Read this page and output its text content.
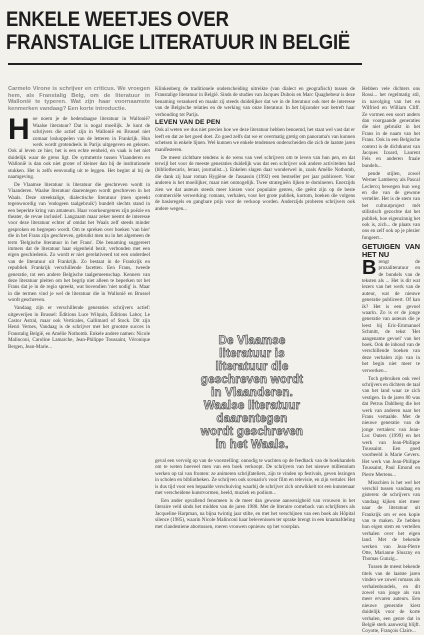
ENKELE WEETJES OVER
FRANSTALIGE LITERATUUR IN BELGIË

Carmelo Virone is schrijver en criticus. We vroegen hem, als Franstalig Belg, om de literatuur in Wallonië te typeren. Wat zijn haar voornaamste kenmerken vandaag? Een korte introductie.

H oe noem je de hedendaagse literatuur in Wallonië? Waalse literatuur? Dat is nogal moeilijk. Je kunt de schrijvers die actief zijn in Wallonië en Brussel niet zomaar loskoppelen van de letteren in Frankrijk. Hun werk wordt grotendeels in Parijs uitgegeven en gelezen. Ook al leven ze hier, het is een echte eenheid, en vaak is het niet duidelijk waar de grens ligt. De symmetrie tussen Vlaanderen en Wallonië is dan ook niet groter of kleiner dan bij de institutionele stukken. Het is zelfs eenvoudig uit te leggen. Het begint al bij de naamgeving.

De Vlaamse literatuur is literatuur die geschreven wordt in Vlaanderen. Waalse literatuur daarentegen wordt geschreven in het Waals. Deze streektalige, dialectische literatuur (men spreekt tegenwoordig van 'endogeen taalgebruik') bundelt slechts stand in een beperkte kring van amateurs. Haar voorkeurgenres zijn poëzie en theater, de revue inclusief. Langzaam maar zeker neemt de interesse voor deze literatuur echter af omdat het Waals zelf steeds minder gesproken en begrepen wordt. Om te spreken over boeken 'van hier' die in het Frans zijn geschreven, gebruikt men nu in het algemeen de term 'Belgische literatuur in het Frans'. Die benaming suggereert immers dat de literatuur haar eigenheid bezit, verbonden met een eigen geschiedenis. Zo wordt er niet gerelativeerd tot een onderdeel van de literatuur uit Frankrijk. Zo bestaat in de Frankrijk en republiek Frankrijk verschillende facetten. Een Frans, tweede generatie, tot een andere Belgische taalgemeenschap. Kenners van deze literatuur pleiten om het begrip niet alleen te beperken tot het Frans dat je in de regio spreekt, wat bovendien 'niet nodig' is. Maar in die termen vind je wel de literatuur die in Wallonië en Brussel wordt geschreven.

Vandaag zijn er verschillende generaties schrijvers actief: uitgeverijen in Brussel: Éditions Luce Wilquin, Éditions Labor, Le Castor Astral, maar ook Verticales, Gallimard of Stock. Dit zijn Henri Vernes, Vandaag is de schrijver met het grootste succes in Franstalig België, en Amélie Nothomb. Enkele andere namen: Nicole Malinconi, Caroline Lamarche, Jean-Philippe Toussaint, Véronique Bergen, Jean-Marie...

Klinkenberg de traditionele onderscheiding uitreikte (van dialect en geografisch) tussen de Franstalige literatuur in België. Sinds de studies van Jacques Dubois en Marc Quaghebeur is deze benaming verankerd en maakt zij steeds duidelijker dat we in de literatuur ook met de interesse van de Belgische relaties en de werking van onze literatuur. In het bijzonder wat betreft haar verhouding tot Parijs.

LEVEN VAN DE PEN

Ook al weten we dus niet precies hoe we deze literatuur hebben benoemd, het staat wel vast dat er leeft en dat ze het goed doet. Zo goed zelfs dat we er overmatig gretig om panorama's van kunnen schetsen in enkele lijnen. Wel kunnen we enkele tendensen onderscheiden die zich de laatste jaren manifesteren.

De meest zichtbare tendens is de wens van veel schrijvers om te leven van hun pen, en dat terwijl het voor de meeste generaties duidelijk was dat een schrijver ook andere activiteiten had (bibliothecaris, leraar, journalist...). Enkelen slagen daar wonderwel in, zoals Amélie Nothomb, die dank zij haar roman Hygiëne de l'assassin (1992) een bestseller per jaar publiceert. Voor anderen is het moeilijker, maar niet onmogelijk. Twee strategieën lijken te domineren. Enerzijds zien we dat auteurs steeds meer kiezen voor populaire genres, die geënt zijn op de beste commerciële verwerking: romans, verhalen, voor het grote publiek, kortom, boeken die volgens de basisregels en gangbare prijs voor de verkoop worden. Anderzijds proberen schrijvers ook andere wegen...

De Vlaamse

literatuur is

literatuur die

geschreven wordt

in Vlaanderen.

Waalse literatuur

daarentegen

wordt geschreven

in het Waals.

geval een vervolg op van de voorstelling: onnodig te wachten op de feedback van de boekhandels om te weten hoeveel men van een boek verkoopt. De schrijvers van het nieuwe millennium werken op tal van fronten: ze animeren schrijfateliers, zijn te vinden op festivals, geven lezingen in scholen en bibliotheken. Ze schrijven ook scenario's voor film en televisie, en zijn vertaler. Het is dus tijd voor een bepaalde verschuiving waarbij de schrijver zich ontwikkelt tot een kunstenaar met verscheidene kunstvormen, beeld, muziek en podium...

Een ander opvallend fenomeen is de meer dan gewone aanwezigheid van vrouwen in het literaire veld sinds het midden van de jaren 1980. Met de literaire comeback van schrijfsters als Jacqueline Harpman, na bijna twintig jaar stilte, en met het verschijnen van een boek als Hôpital silence (1985), waarin Nicole Malinconi haar belevenissen ter sprake brengt in een kraamafdeling met clandestiene abortussen, roeren vrouwen opnieuw op het voorplan.

Hebben vele dichters ons Rossi... het regelmatig stil, in navolging van het en Wilfried en William Cliff. Ze vormen een soort anders dan voorgaande generaties die niet gebruikt in het Frans in de naam van het Frans. Ook in een Belgische context is de dichtkunst van Jacques Izoard, Laurent Fels en anderen fraaie bundels...

pende stijlen, zowel Werner Lambersy als Pascal Leclercq bewegen hun weg en die van de gewone verteller. Het is de stem van het cultuurproject mét stilistisch gezochte dat het publiek, hoe eigenzinnig het ook is, zich... de plaats van ons en zelf ook op je plezier fungeert...

GETUIGEN VAN HET NU

B rengt de prozaliteratuur en de bundels van de teksten als ... Het is dit wat lezers van het werk van de auteur, wat de nieuwe generatie publiceert. Of kan ik? Het is een gevoel waarin. Zo is er de jonge generatie van auteurs die je leest bij Eric-Emmanuel Schmitt, de tekst 'Het aangename gevoel' van het boek. Ook de inhoud van de verschillende boeken van deze verhalen zijn van in het begin niet meer te verwerken...

Toch gebruiken ook veel schrijvers en dichters de taal van het land waar ze zich vestigen. In de jaren 80 was dat Petrus Dahlberg die het werk van anderen naar het Frans vertaalde. Met de nieuwe generatie van de jonge vertalers: van Jean-Luc Outers (1999) en het werk van Jean-Philippe Toussaint. Een goed voorbeeld is Marie Gevers. Het werk van Jean-Philippe Toussaint, Paul Emond en Pierre Mertens...

Misschien is het wel het verschil tussen vandaag en gisteren: de schrijvers van vandaag kijken niet meer naar de literatuur uit Frankrijk om er een kopie van te maken. Ze hebben hun eigen stem en vertellen verhalen over het eigen land. Met de bekende werken van Jean-Pierre Otte, Marianne Sluszny en Thomas Gunzig...

Tussen de meest bekende titels van de laatste jaren vinden we zowel romans als verhalenbundels, en dit zowel van jonge als van meer ervaren auteurs. Een nieuwe generatie kiest duidelijk voor de korte verhalen, een genre dat in België sterk aanwezig blijft. Coyotte, François Claire...
